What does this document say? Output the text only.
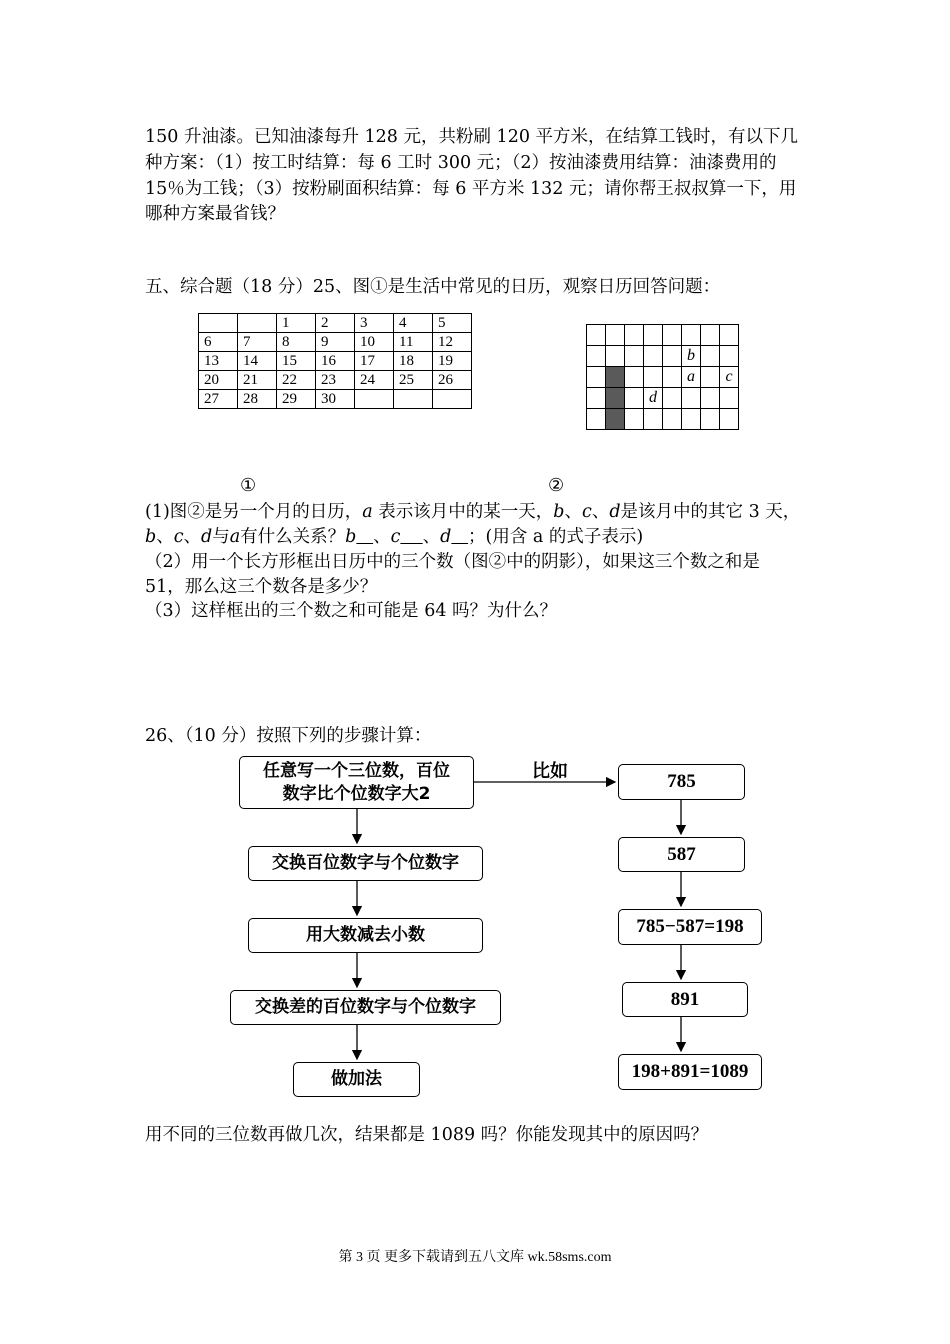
150 升油漆。已知油漆每升 128 元，共粉刷 120 平方米，在结算工钱时，有以下几
种方案：（1）按工时结算：每 6 工时 300 元；（2）按油漆费用结算：油漆费用的
15％为工钱；（3）按粉刷面积结算：每 6 平方米 132 元；请你帮王叔叔算一下，用
哪种方案最省钱？
五、综合题（18 分）25、图①是生活中常见的日历，观察日历回答问题：
		1	2	3	4	5
6	7	8	9	10	11	12
13	14	15	16	17	18	19
20	21	22	23	24	25	26
27	28	29	30			

					b		
					a		c
			d				

①	②
(1)图②是另一个月的日历，a 表示该月中的某一天，b、c、d是该月中的其它 3 天，
b、c、d与a有什么关系？b 、c 、d ；(用含 a 的式子表示)
（2）用一个长方形框出日历中的三个数（图②中的阴影），如果这三个数之和是
51，那么这三个数各是多少？
（3）这样框出的三个数之和可能是 64 吗？为什么？
26、（10 分）按照下列的步骤计算：
比如
任意写一个三位数，百位
数字比个位数字大2
交换百位数字与个位数字
用大数减去小数
交换差的百位数字与个位数字
做加法
785
587
785−587=198
891
198+891=1089
用不同的三位数再做几次，结果都是 1089 吗？你能发现其中的原因吗？
第 3 页 更多下载请到五八文库 wk.58sms.com
